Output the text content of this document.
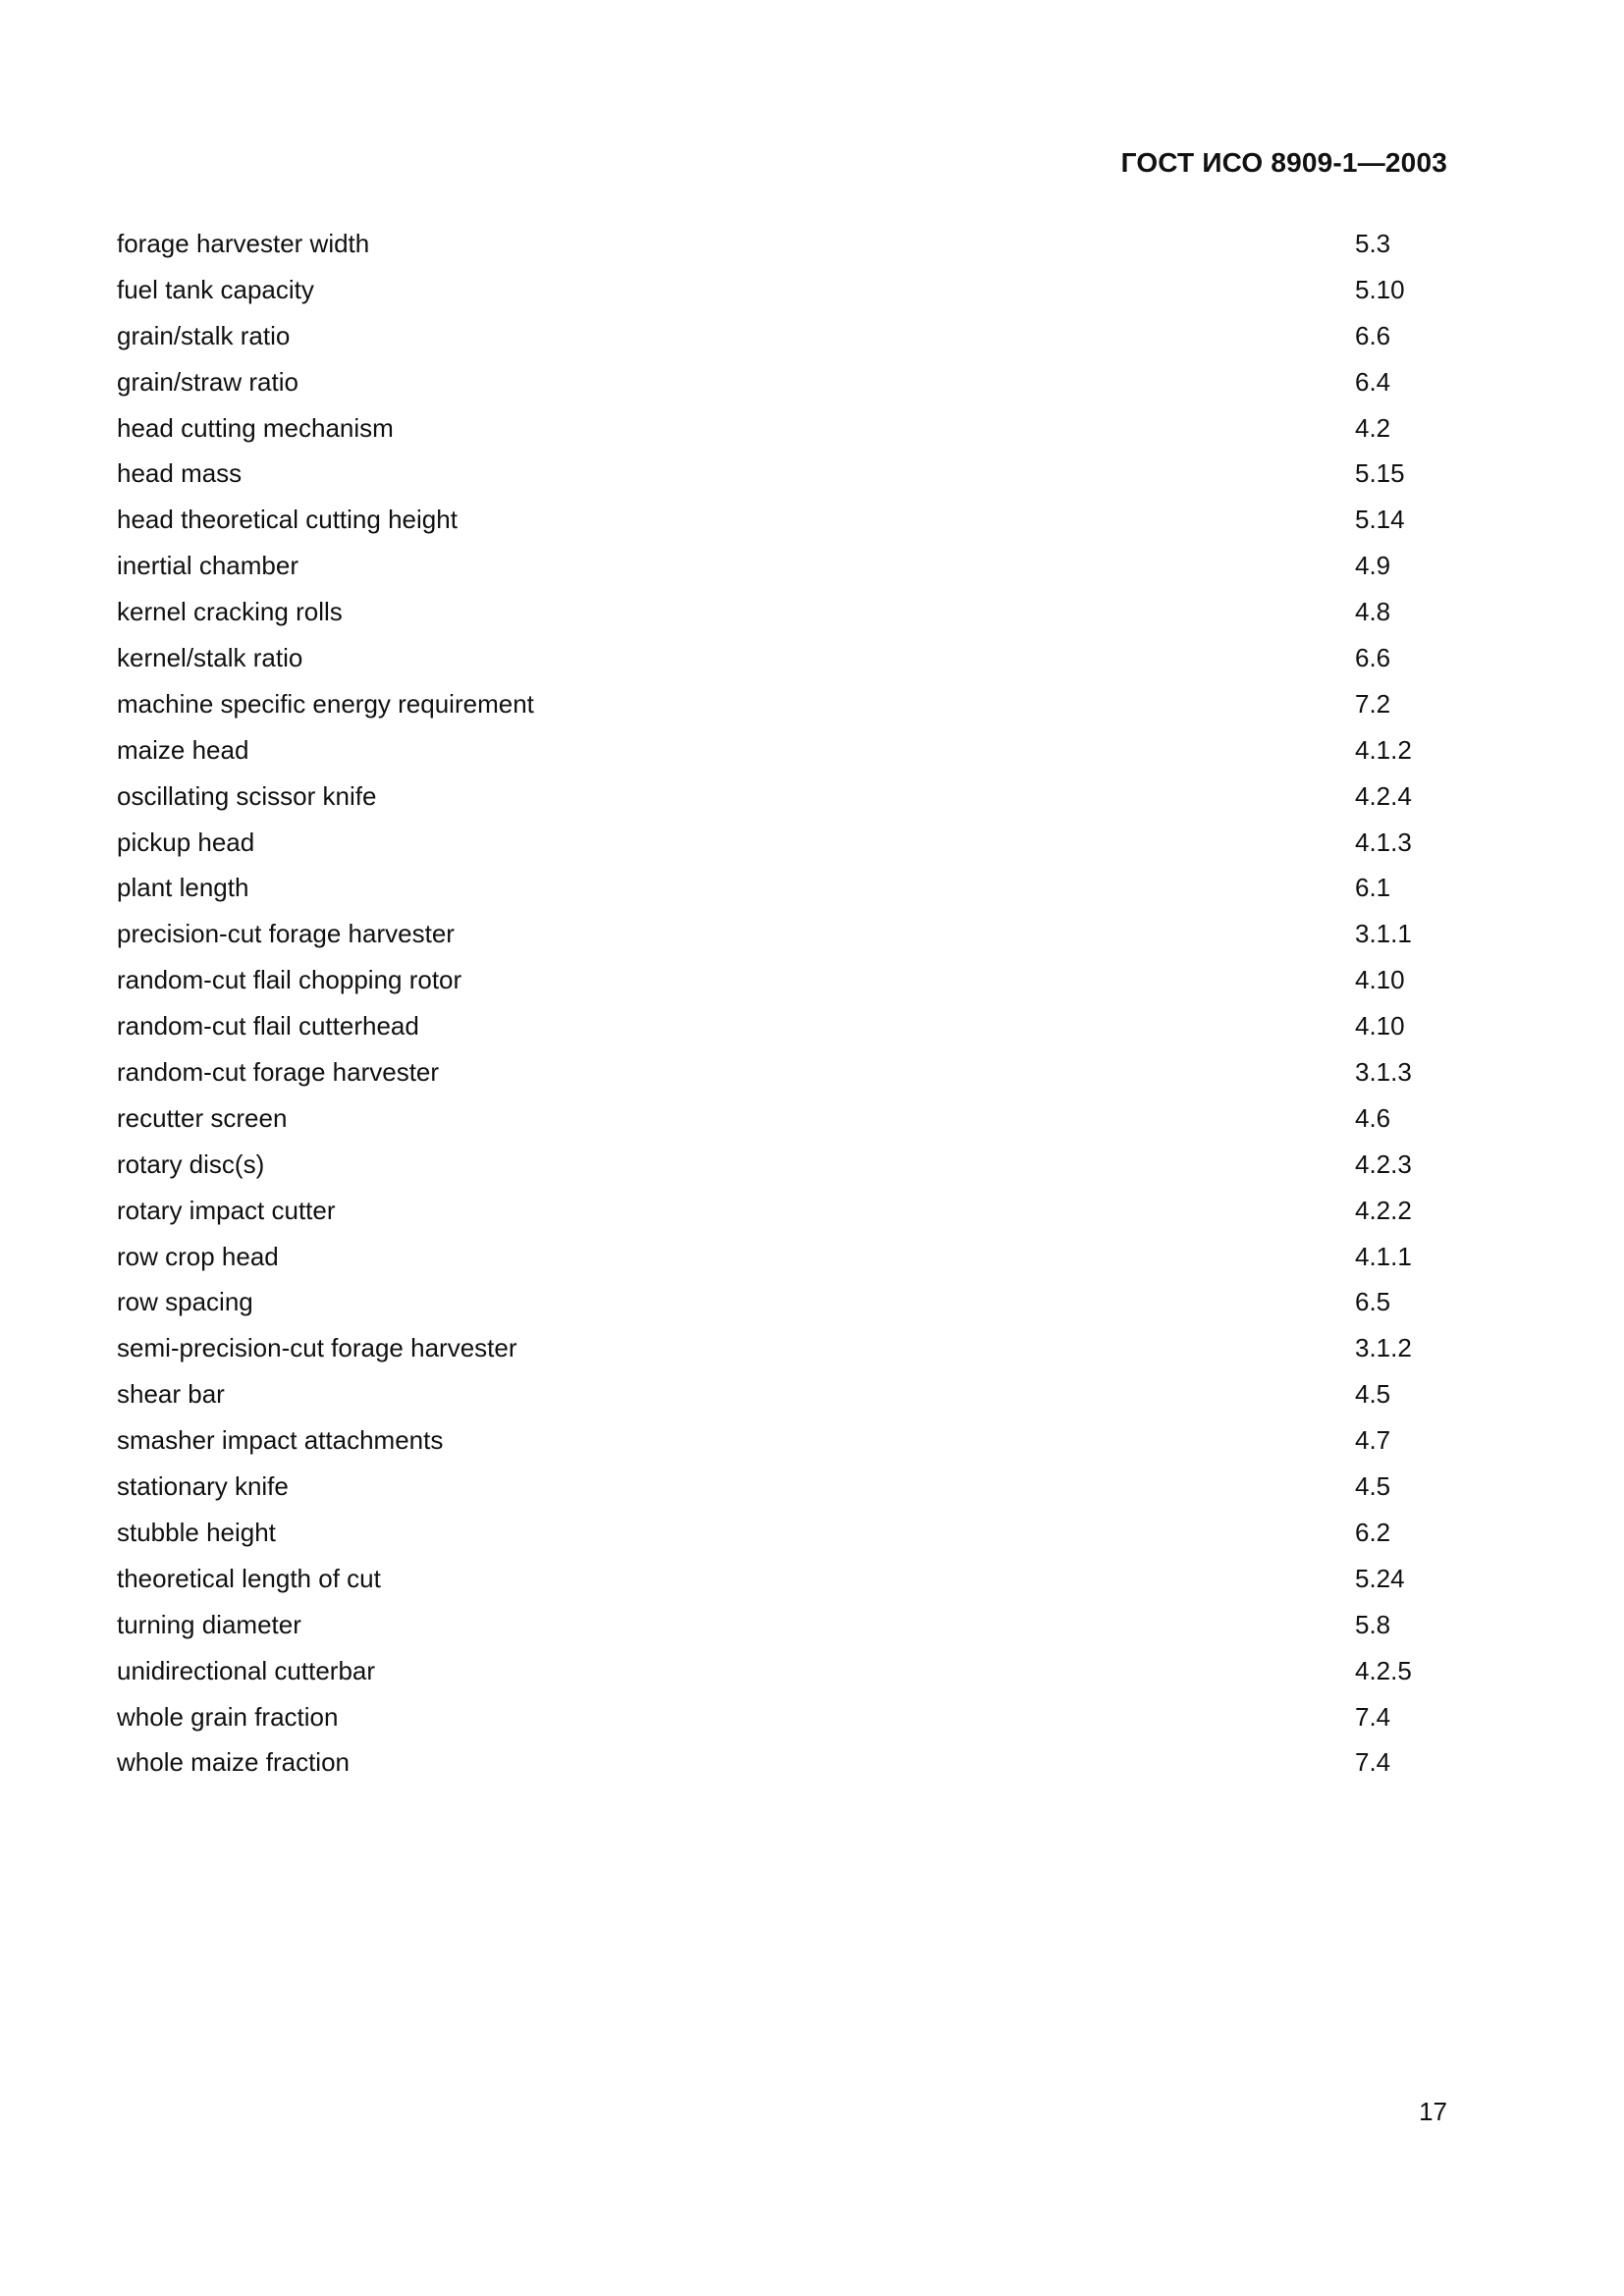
ГОСТ ИСО 8909-1—2003
forage harvester width	5.3
fuel tank capacity	5.10
grain/stalk ratio	6.6
grain/straw ratio	6.4
head cutting mechanism	4.2
head mass	5.15
head theoretical cutting height	5.14
inertial chamber	4.9
kernel cracking rolls	4.8
kernel/stalk ratio	6.6
machine specific energy requirement	7.2
maize head	4.1.2
oscillating scissor knife	4.2.4
pickup head	4.1.3
plant length	6.1
precision-cut forage harvester	3.1.1
random-cut flail chopping rotor	4.10
random-cut flail cutterhead	4.10
random-cut forage harvester	3.1.3
recutter screen	4.6
rotary disc(s)	4.2.3
rotary impact cutter	4.2.2
row crop head	4.1.1
row spacing	6.5
semi-precision-cut forage harvester	3.1.2
shear bar	4.5
smasher impact attachments	4.7
stationary knife	4.5
stubble height	6.2
theoretical length of cut	5.24
turning diameter	5.8
unidirectional cutterbar	4.2.5
whole grain fraction	7.4
whole maize fraction	7.4
17
